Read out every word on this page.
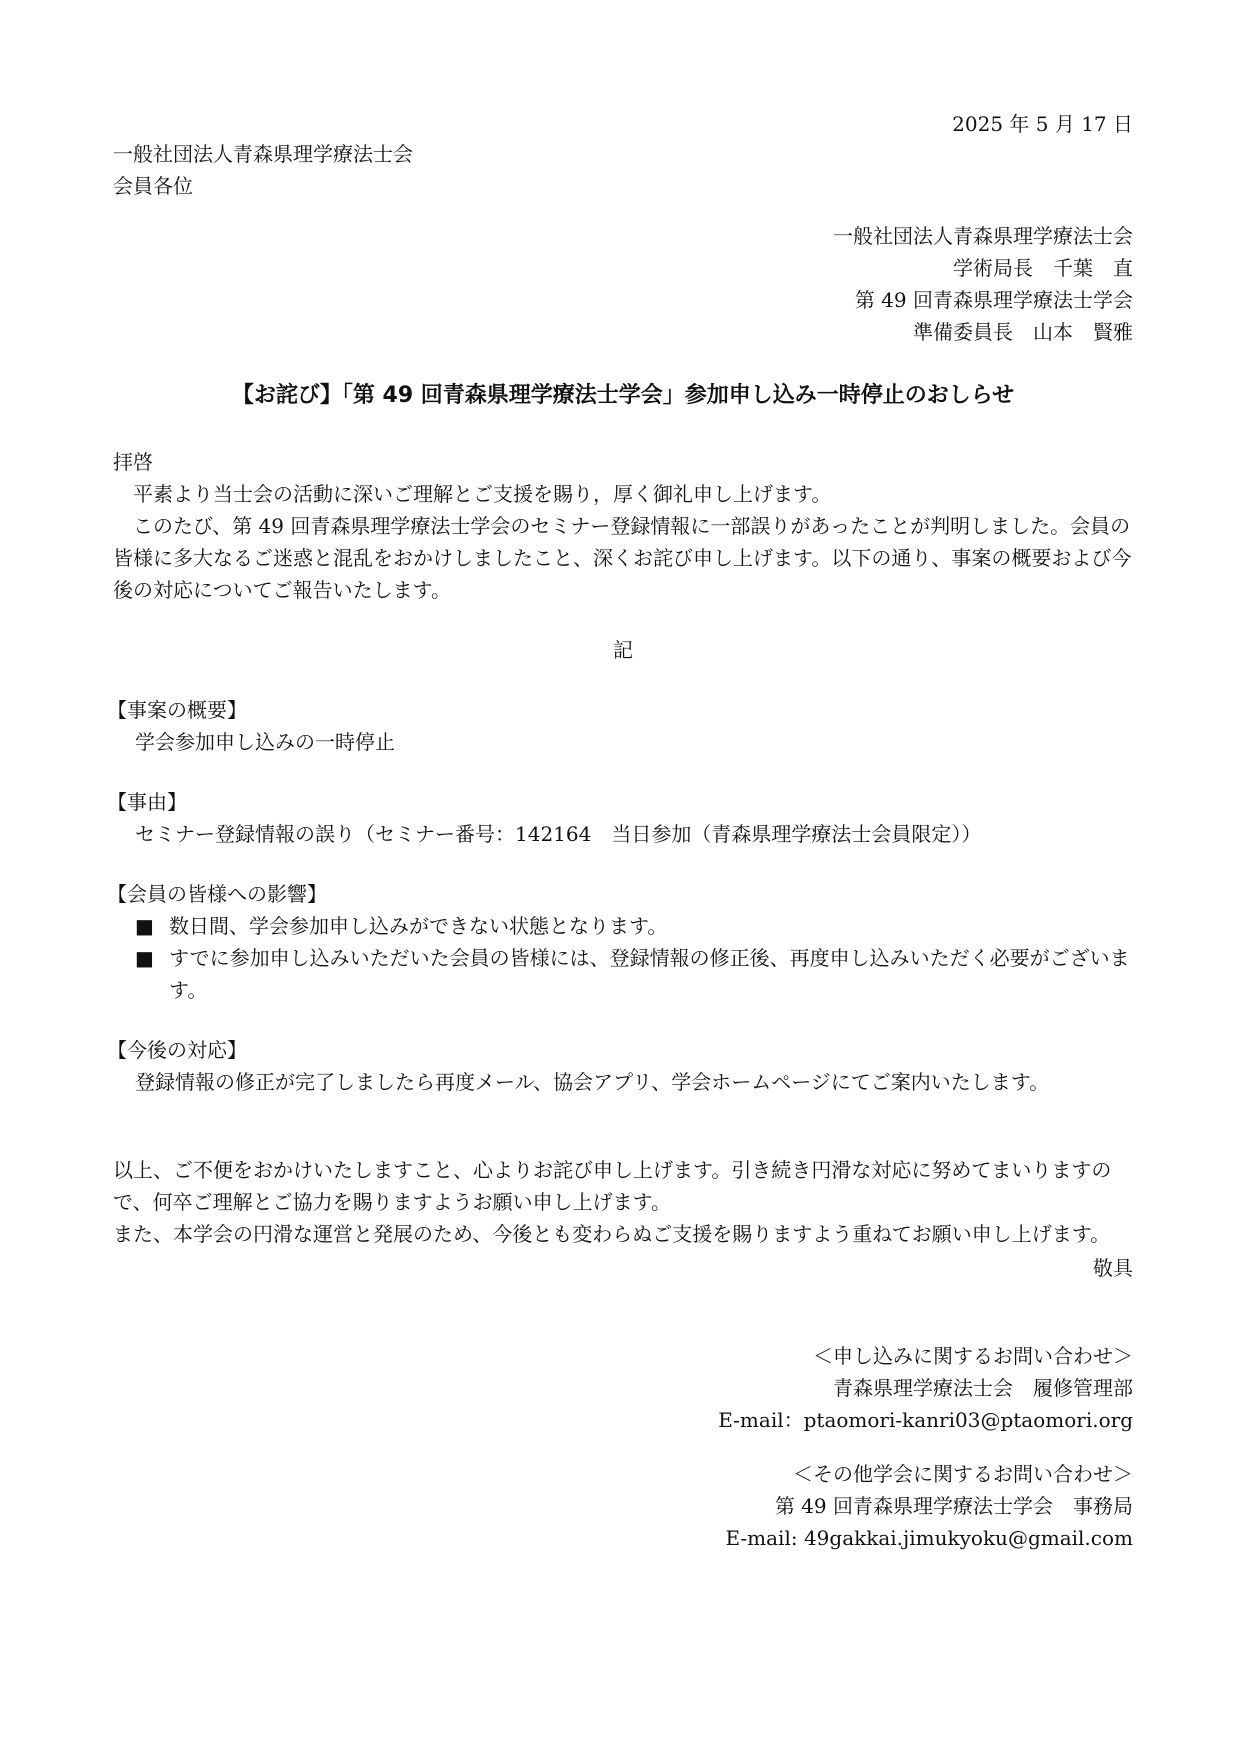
2025 年 5 月 17 日
一般社団法人青森県理学療法士会
会員各位
一般社団法人青森県理学療法士会
学術局長　千葉　直　
第 49 回青森県理学療法士学会
準備委員長　山本　賢雅
【お詫び】「第 49 回青森県理学療法士学会」参加申し込み一時停止のおしらせ
拝啓

平素より当士会の活動に深いご理解とご支援を賜り，厚く御礼申し上げます。

このたび、第 49 回青森県理学療法士学会のセミナー登録情報に一部誤りがあったことが判明しました。会員の皆様に多大なるご迷惑と混乱をおかけしましたこと、深くお詫び申し上げます。以下の通り、事案の概要および今後の対応についてご報告いたします。

記
【事案の概要】
学会参加申し込みの一時停止
【事由】
セミナー登録情報の誤り（セミナー番号：142164　当日参加（青森県理学療法士会員限定））
【会員の皆様への影響】
■ 数日間、学会参加申し込みができない状態となります。
■ すでに参加申し込みいただいた会員の皆様には、登録情報の修正後、再度申し込みいただく必要がございます。
【今後の対応】
登録情報の修正が完了しましたら再度メール、協会アプリ、学会ホームページにてご案内いたします。

以上、ご不便をおかけいたしますこと、心よりお詫び申し上げます。引き続き円滑な対応に努めてまいりますので、何卒ご理解とご協力を賜りますようお願い申し上げます。

また、本学会の円滑な運営と発展のため、今後とも変わらぬご支援を賜りますよう重ねてお願い申し上げます。

敬具
＜申し込みに関するお問い合わせ＞
青森県理学療法士会　履修管理部
E-mail：ptaomori-kanri03@ptaomori.org
＜その他学会に関するお問い合わせ＞
第 49 回青森県理学療法士学会　事務局
E-mail: 49gakkai.jimukyoku@gmail.com
